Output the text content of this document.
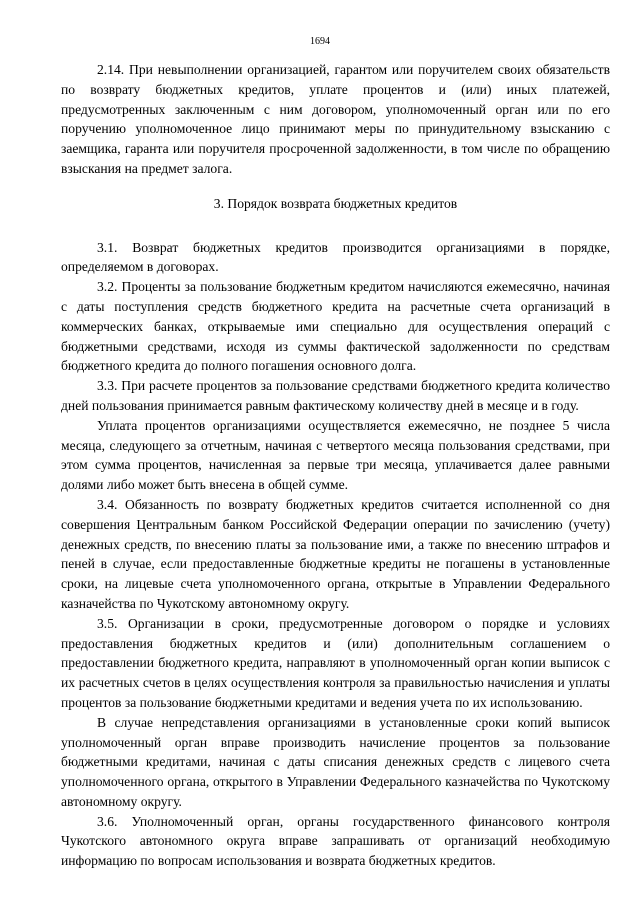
1694

2.14. При невыполнении организацией, гарантом или поручителем своих обязательств по возврату бюджетных кредитов, уплате процентов и (или) иных платежей, предусмотренных заключенным с ним договором, уполномоченный орган или по его поручению уполномоченное лицо принимают меры по принудительному взысканию с заемщика, гаранта или поручителя просроченной задолженности, в том числе по обращению взыскания на предмет залога.

3. Порядок возврата бюджетных кредитов

3.1. Возврат бюджетных кредитов производится организациями в порядке, определяемом в договорах.

3.2. Проценты за пользование бюджетным кредитом начисляются ежемесячно, начиная с даты поступления средств бюджетного кредита на расчетные счета организаций в коммерческих банках, открываемые ими специально для осуществления операций с бюджетными средствами, исходя из суммы фактической задолженности по средствам бюджетного кредита до полного погашения основного долга.

3.3. При расчете процентов за пользование средствами бюджетного кредита количество дней пользования принимается равным фактическому количеству дней в месяце и в году.

Уплата процентов организациями осуществляется ежемесячно, не позднее 5 числа месяца, следующего за отчетным, начиная с четвертого месяца пользования средствами, при этом сумма процентов, начисленная за первые три месяца, уплачивается далее равными долями либо может быть внесена в общей сумме.

3.4. Обязанность по возврату бюджетных кредитов считается исполненной со дня совершения Центральным банком Российской Федерации операции по зачислению (учету) денежных средств, по внесению платы за пользование ими, а также по внесению штрафов и пеней в случае, если предоставленные бюджетные кредиты не погашены в установленные сроки, на лицевые счета уполномоченного органа, открытые в Управлении Федерального казначейства по Чукотскому автономному округу.

3.5. Организации в сроки, предусмотренные договором о порядке и условиях предоставления бюджетных кредитов и (или) дополнительным соглашением о предоставлении бюджетного кредита, направляют в уполномоченный орган копии выписок с их расчетных счетов в целях осуществления контроля за правильностью начисления и уплаты процентов за пользование бюджетными кредитами и ведения учета по их использованию.

В случае непредставления организациями в установленные сроки копий выписок уполномоченный орган вправе производить начисление процентов за пользование бюджетными кредитами, начиная с даты списания денежных средств с лицевого счета уполномоченного органа, открытого в Управлении Федерального казначейства по Чукотскому автономному округу.

3.6. Уполномоченный орган, органы государственного финансового контроля Чукотского автономного округа вправе запрашивать от организаций необходимую информацию по вопросам использования и возврата бюджетных кредитов.
